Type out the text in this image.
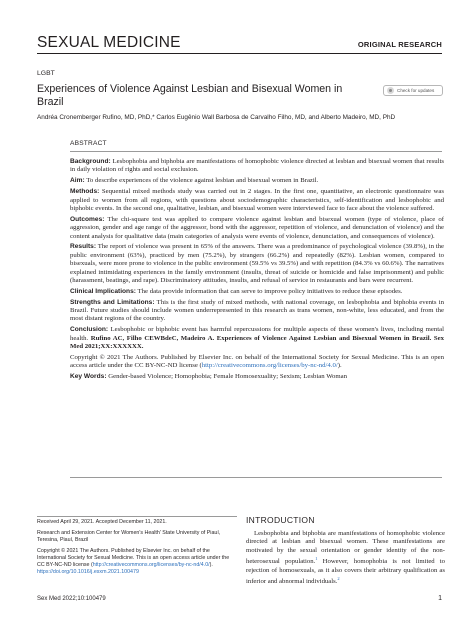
SEXUAL MEDICINE	ORIGINAL RESEARCH
LGBT
Experiences of Violence Against Lesbian and Bisexual Women in Brazil
Check for updates
Andréa Cronemberger Rufino, MD, PhD,* Carlos Eugênio Wall Barbosa de Carvalho Filho, MD, and Alberto Madeiro, MD, PhD
ABSTRACT

Background: Lesbophobia and biphobia are manifestations of homophobic violence directed at lesbian and bisexual women that results in daily violation of rights and social exclusion.

Aim: To describe experiences of the violence against lesbian and bisexual women in Brazil.

Methods: Sequential mixed methods study was carried out in 2 stages. In the first one, quantitative, an electronic questionnaire was applied to women from all regions, with questions about sociodemographic characteristics, self-identification and lesbophobic and biphobic events. In the second one, qualitative, lesbian, and bisexual women were interviewed face to face about the violence suffered.

Outcomes: The chi-square test was applied to compare violence against lesbian and bisexual women (type of violence, place of aggression, gender and age range of the aggressor, bond with the aggressor, repetition of violence, and denunciation of violence) and the content analysis for qualitative data (main categories of analysis were events of violence, denunciation, and consequences of violence).

Results: The report of violence was present in 65% of the answers. There was a predominance of psychological violence (39.8%), in the public environment (63%), practiced by men (75.2%), by strangers (66.2%) and repeatedly (82%). Lesbian women, compared to bisexuals, were more prone to violence in the public environment (59.5% vs 39.5%) and with repetition (84.3% vs 60.6%). The narratives explained intimidating experiences in the family environment (insults, threat of suicide or homicide and false imprisonment) and public (harassment, beatings, and rape). Discriminatory attitudes, insults, and refusal of service in restaurants and bars were recurrent.

Clinical Implications: The data provide information that can serve to improve policy initiatives to reduce these episodes.

Strengths and Limitations: This is the first study of mixed methods, with national coverage, on lesbophobia and biphobia events in Brazil. Future studies should include women underrepresented in this research as trans women, non-white, less educated, and from the most distant regions of the country.

Conclusion: Lesbophobic or biphobic event has harmful repercussions for multiple aspects of these women's lives, including mental health. Rufino AC, Filho CEWBdeC, Madeiro A. Experiences of Violence Against Lesbian and Bisexual Women in Brazil. Sex Med 2021;XX:XXXXXX.

Copyright © 2021 The Authors. Published by Elsevier Inc. on behalf of the International Society for Sexual Medicine. This is an open access article under the CC BY-NC-ND license (http://creativecommons.org/licenses/by-nc-nd/4.0/).

Key Words: Gender-based Violence; Homophobia; Female Homosexuality; Sexism; Lesbian Woman

Received April 29, 2021. Accepted December 11, 2021.
Research and Extension Center for Women's Health' State University of Piauí, Teresina, Piauí, Brazil
Copyright © 2021 The Authors. Published by Elsevier Inc. on behalf of the International Society for Sexual Medicine. This is an open access article under the CC BY-NC-ND license (http://creativecommons.org/licenses/by-nc-nd/4.0/).
https://doi.org/10.1016/j.esxm.2021.100479
INTRODUCTION
Lesbophobia and biphobia are manifestations of homophobic violence directed at lesbian and bisexual women. These manifestations are motivated by the sexual orientation or gender identity of the non-heterosexual population.$^1$ However, homophobia is not limited to rejection of homosexuals, as it also covers their arbitrary qualification as inferior and abnormal individuals.$^2$
Sex Med 2022;10:100479	1
